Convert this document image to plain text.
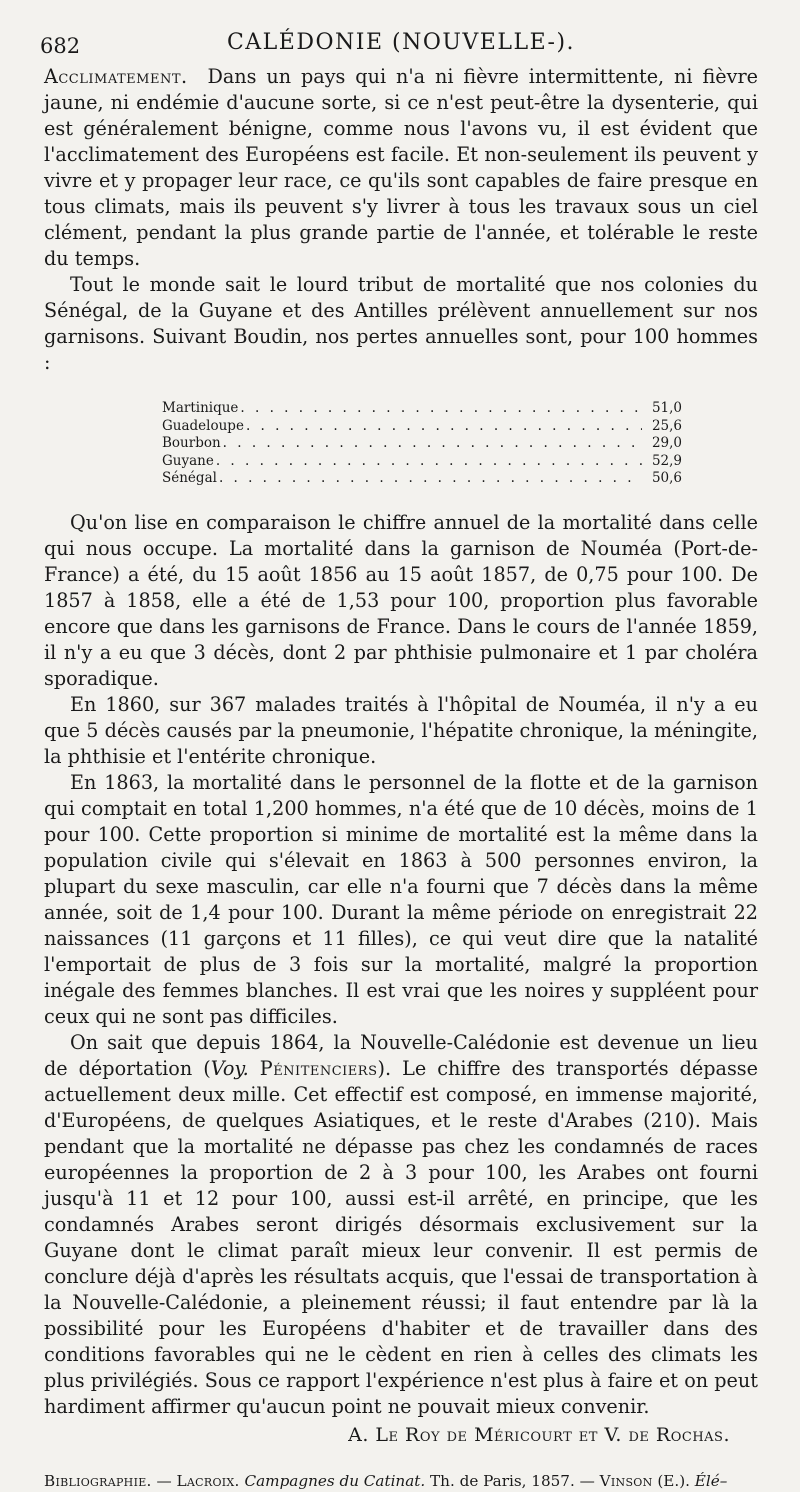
682	CALÉDONIE (NOUVELLE-).

Acclimatement. Dans un pays qui n'a ni fièvre intermittente, ni fièvre jaune, ni endémie d'aucune sorte, si ce n'est peut-être la dysenterie, qui est généralement bénigne, comme nous l'avons vu, il est évident que l'acclimatement des Européens est facile. Et non-seulement ils peuvent y vivre et y propager leur race, ce qu'ils sont capables de faire presque en tous climats, mais ils peuvent s'y livrer à tous les travaux sous un ciel clément, pendant la plus grande partie de l'année, et tolérable le reste du temps.

Tout le monde sait le lourd tribut de mortalité que nos colonies du Sénégal, de la Guyane et des Antilles prélèvent annuellement sur nos garnisons. Suivant Boudin, nos pertes annuelles sont, pour 100 hommes :

Martinique . . .	51,0
Guadeloupe . . .	25,6
Bourbon . . .	29,0
Guyane . . .	52,9
Sénégal . . .	50,6

Qu'on lise en comparaison le chiffre annuel de la mortalité dans celle qui nous occupe. La mortalité dans la garnison de Nouméa (Port-de-France) a été, du 15 août 1856 au 15 août 1857, de 0,75 pour 100. De 1857 à 1858, elle a été de 1,53 pour 100, proportion plus favorable encore que dans les garnisons de France. Dans le cours de l'année 1859, il n'y a eu que 3 décès, dont 2 par phthisie pulmonaire et 1 par choléra sporadique.

En 1860, sur 367 malades traités à l'hôpital de Nouméa, il n'y a eu que 5 décès causés par la pneumonie, l'hépatite chronique, la méningite, la phthisie et l'entérite chronique.

En 1863, la mortalité dans le personnel de la flotte et de la garnison qui comptait en total 1,200 hommes, n'a été que de 10 décès, moins de 1 pour 100. Cette proportion si minime de mortalité est la même dans la population civile qui s'élevait en 1863 à 500 personnes environ, la plupart du sexe masculin, car elle n'a fourni que 7 décès dans la même année, soit de 1,4 pour 100. Durant la même période on enregistrait 22 naissances (11 garçons et 11 filles), ce qui veut dire que la natalité l'emportait de plus de 3 fois sur la mortalité, malgré la proportion inégale des femmes blanches. Il est vrai que les noires y suppléent pour ceux qui ne sont pas difficiles.

On sait que depuis 1864, la Nouvelle-Calédonie est devenue un lieu de déportation (Voy. Pénitenciers). Le chiffre des transportés dépasse actuellement deux mille. Cet effectif est composé, en immense majorité, d'Européens, de quelques Asiatiques, et le reste d'Arabes (210). Mais pendant que la mortalité ne dépasse pas chez les condamnés de races européennes la proportion de 2 à 3 pour 100, les Arabes ont fourni jusqu'à 11 et 12 pour 100, aussi est-il arrêté, en principe, que les condamnés Arabes seront dirigés désormais exclusivement sur la Guyane dont le climat paraît mieux leur convenir. Il est permis de conclure déjà d'après les résultats acquis, que l'essai de transportation à la Nouvelle-Calédonie, a pleinement réussi; il faut entendre par là la possibilité pour les Européens d'habiter et de travailler dans des conditions favorables qui ne le cèdent en rien à celles des climats les plus privilégiés. Sous ce rapport l'expérience n'est plus à faire et on peut hardiment affirmer qu'aucun point ne pouvait mieux convenir.

A. Le Roy de Méricourt et V. de Rochas.
Bibliographie. — Lacroix. Campagnes du Catinat. Th. de Paris, 1857. — Vinson (E.). Élé–
